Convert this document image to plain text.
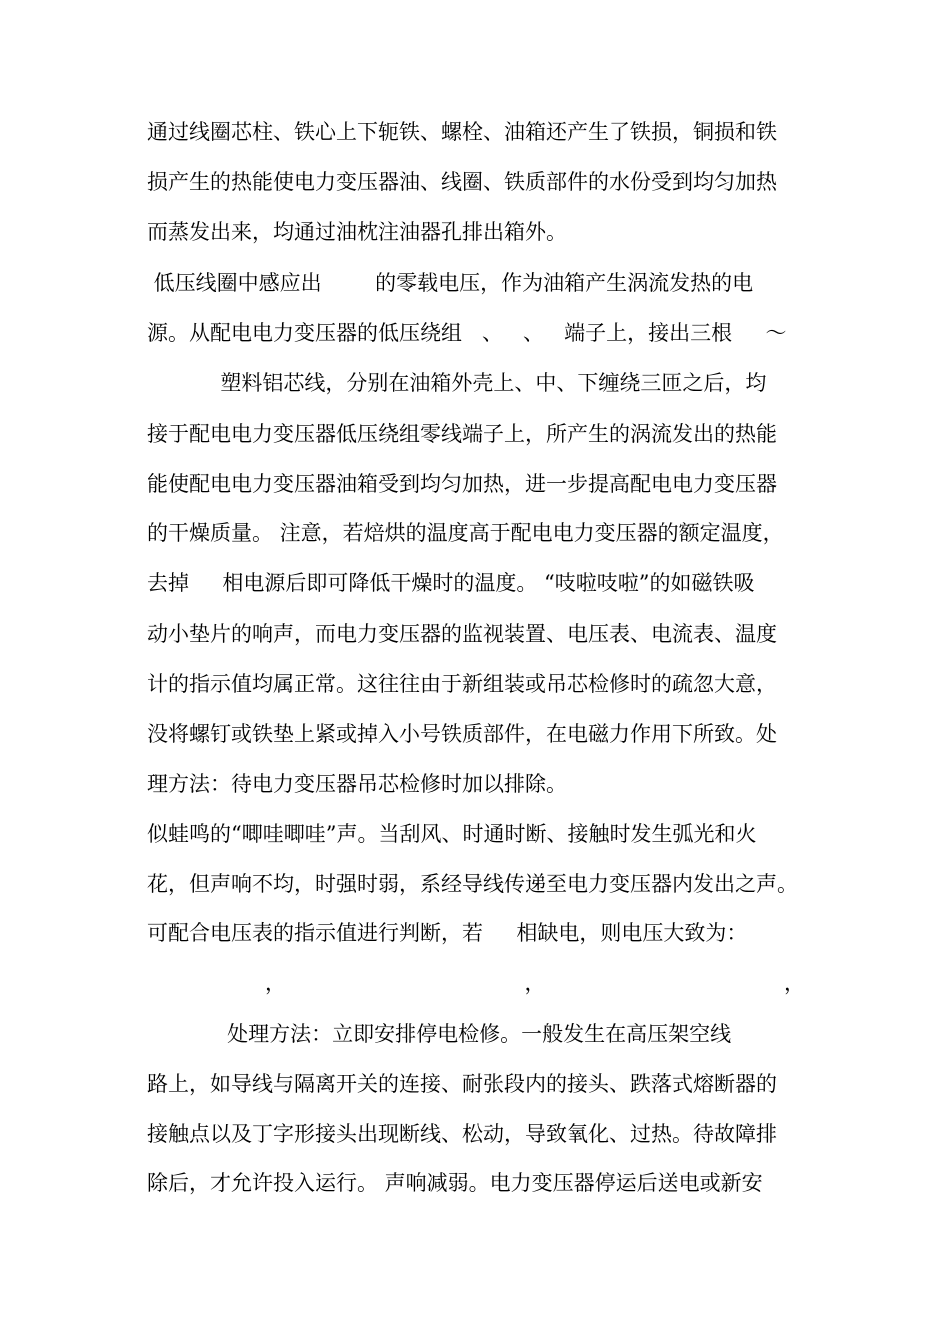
通过线圈芯柱、铁心上下轭铁、螺栓、油箱还产生了铁损，铜损和铁
损产生的热能使电力变压器油、线圈、铁质部件的水份受到均匀加热
而蒸发出来，均通过油枕注油器孔排出箱外。
低压线圈中感应出        的零载电压，作为油箱产生涡流发热的电
源。从配电电力变压器的低压绕组   、   、   端子上，接出三根     ～
塑料铝芯线，分别在油箱外壳上、中、下缠绕三匝之后，均
接于配电电力变压器低压绕组零线端子上，所产生的涡流发出的热能
能使配电电力变压器油箱受到均匀加热，进一步提高配电电力变压器
的干燥质量。 注意，若焙烘的温度高于配电电力变压器的额定温度，
去掉     相电源后即可降低干燥时的温度。 “吱啦吱啦”的如磁铁吸
动小垫片的响声，而电力变压器的监视装置、电压表、电流表、温度
计的指示值均属正常。这往往由于新组装或吊芯检修时的疏忽大意，
没将螺钉或铁垫上紧或掉入小号铁质部件，在电磁力作用下所致。处
理方法：待电力变压器吊芯检修时加以排除。
似蛙鸣的“唧哇唧哇”声。当刮风、时通时断、接触时发生弧光和火
花，但声响不均，时强时弱，系经导线传递至电力变压器内发出之声。
可配合电压表的指示值进行判断，若     相缺电，则电压大致为：
，	，	，
处理方法：立即安排停电检修。一般发生在高压架空线
路上，如导线与隔离开关的连接、耐张段内的接头、跌落式熔断器的
接触点以及丁字形接头出现断线、松动，导致氧化、过热。待故障排
除后，才允许投入运行。 声响减弱。电力变压器停运后送电或新安
